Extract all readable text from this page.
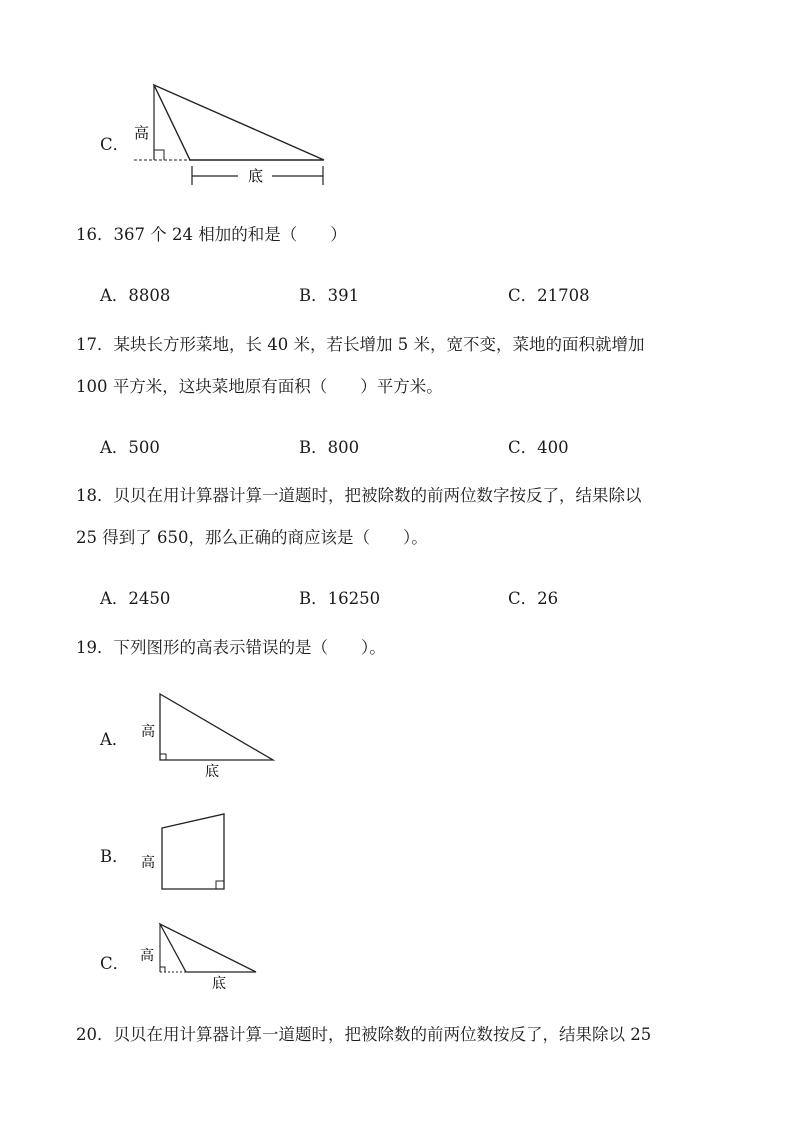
C．
底
高
16．367 个 24 相加的和是（　　）
A．8808	B．391	C．21708
17．某块长方形菜地，长 40 米，若长增加 5 米，宽不变，菜地的面积就增加
100 平方米，这块菜地原有面积（　　）平方米。
A．500	B．800	C．400
18．贝贝在用计算器计算一道题时，把被除数的前两位数字按反了，结果除以
25 得到了 650，那么正确的商应该是（　　）。
A．2450	B．16250	C．26
19．下列图形的高表示错误的是（　　）。
A． 高
底
B． 高
C． 高
底
20．贝贝在用计算器计算一道题时，把被除数的前两位数按反了，结果除以 25
